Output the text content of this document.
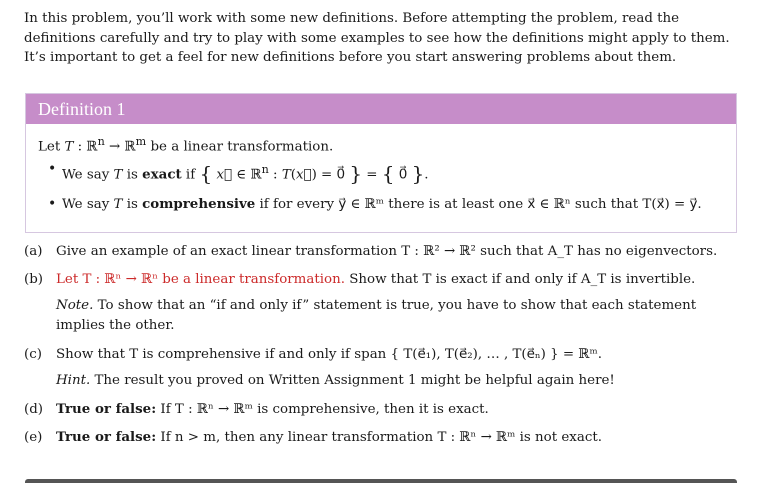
In this problem, you’ll work with some new definitions. Before attempting the problem, read the definitions carefully and try to play with some examples to see how the definitions might apply to them. It’s important to get a feel for new definitions before you start answering problems about them.

Definition 1

Let T : ℝ$^n$ → ℝ$^m$ be a linear transformation.

• We say T is exact if { x⃗ ∈ ℝ$^n$ : T(x⃗) = 0⃗ } = { 0⃗ }.
• We say T is comprehensive if for every y⃗ ∈ ℝᵐ there is at least one x⃗ ∈ ℝⁿ such that T(x⃗) = y⃗.
(a)	Give an example of an exact linear transformation T : ℝ² → ℝ² such that A_T has no eigenvectors.
(b) Let T : ℝⁿ → ℝⁿ be a linear transformation. Show that T is exact if and only if A_T is invertible.
Note. To show that an “if and only if” statement is true, you have to show that each statement implies the other.
(c)	Show that T is comprehensive if and only if span { T(e⃗₁), T(e⃗₂), … , T(e⃗ₙ) } = ℝᵐ.
Hint. The result you proved on Written Assignment 1 might be helpful again here!
(d) True or false: If T : ℝⁿ → ℝᵐ is comprehensive, then it is exact.
(e)	True or false: If n > m, then any linear transformation T : ℝⁿ → ℝᵐ is not exact.
